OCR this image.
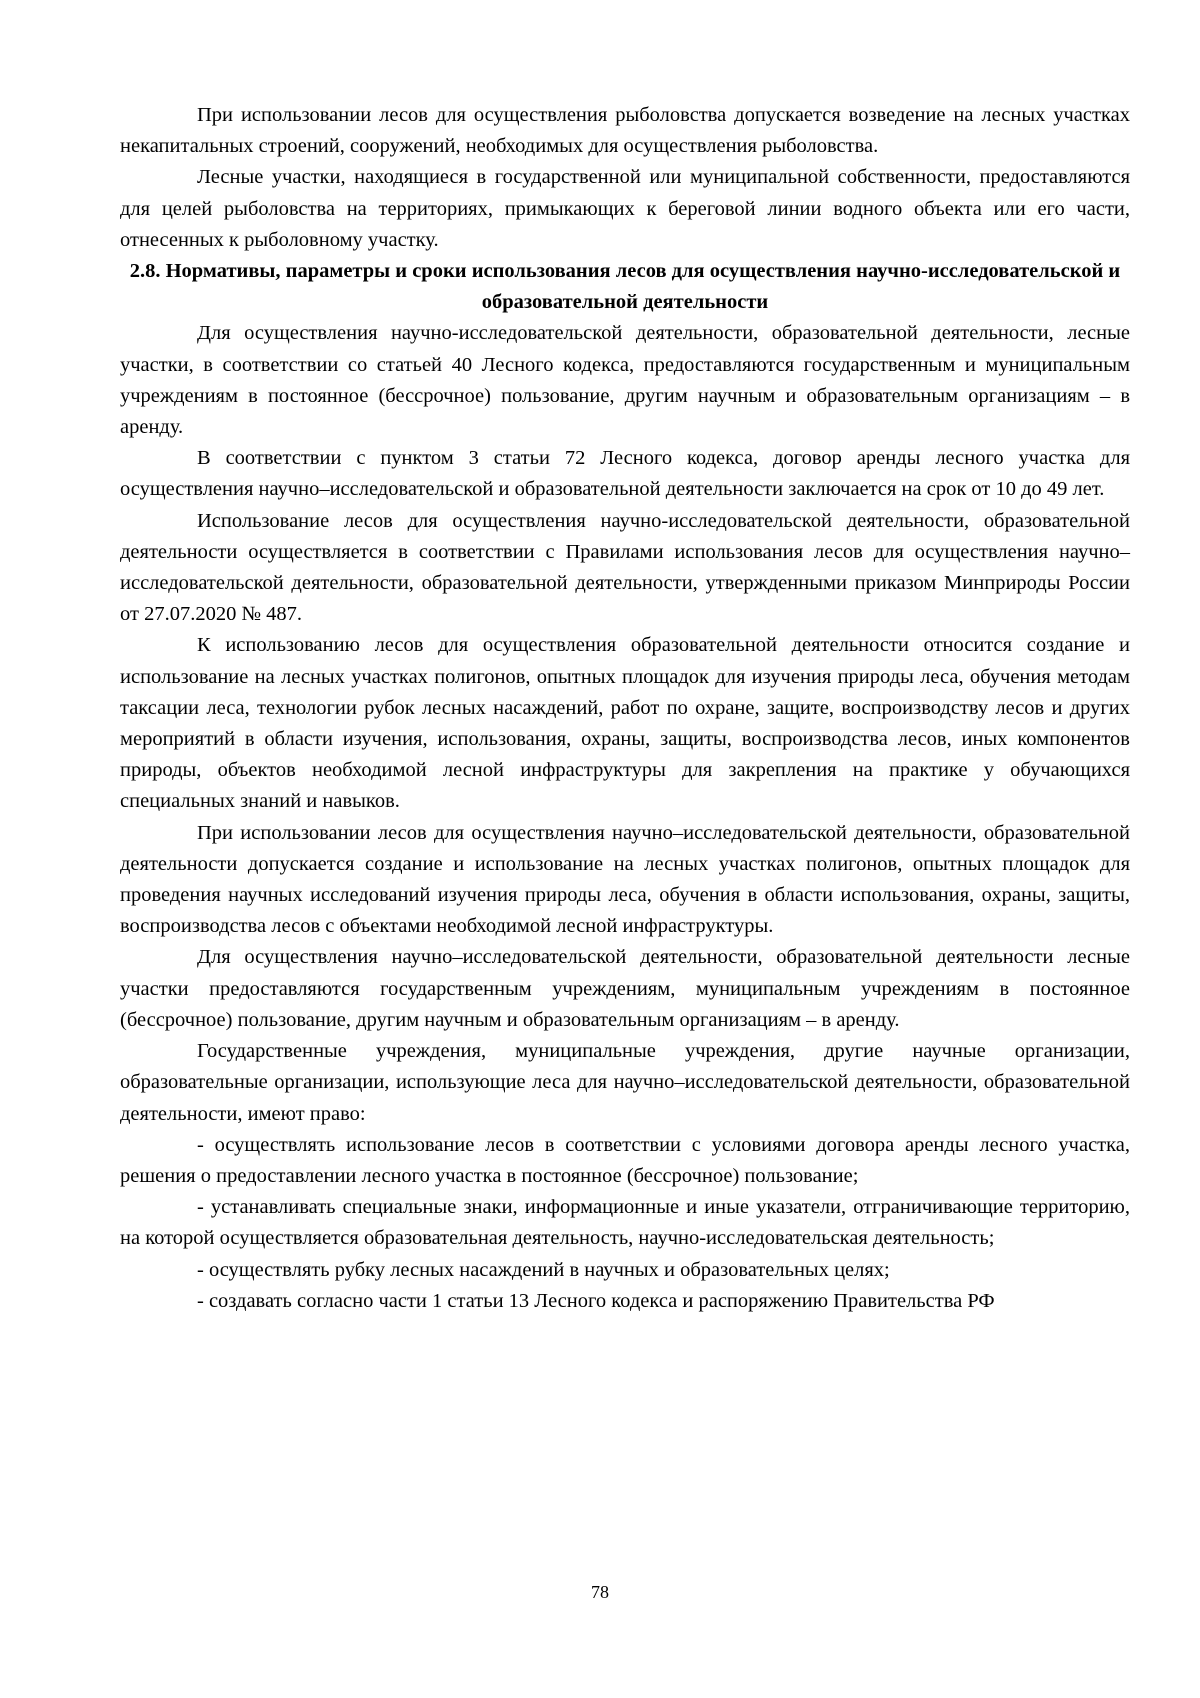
При использовании лесов для осуществления рыболовства допускается возведение на лесных участках некапитальных строений, сооружений, необходимых для осуществления рыболовства.

Лесные участки, находящиеся в государственной или муниципальной собственности, предоставляются для целей рыболовства на территориях, примыкающих к береговой линии водного объекта или его части, отнесенных к рыболовному участку.

2.8. Нормативы, параметры и сроки использования лесов для осуществления научно-исследовательской и образовательной деятельности

Для осуществления научно-исследовательской деятельности, образовательной деятельности, лесные участки, в соответствии со статьей 40 Лесного кодекса, предоставляются государственным и муниципальным учреждениям в постоянное (бессрочное) пользование, другим научным и образовательным организациям – в аренду.

В соответствии с пунктом 3 статьи 72 Лесного кодекса, договор аренды лесного участка для осуществления научно–исследовательской и образовательной деятельности заключается на срок от 10 до 49 лет.

Использование лесов для осуществления научно-исследовательской деятельности, образовательной деятельности осуществляется в соответствии с Правилами использования лесов для осуществления научно–исследовательской деятельности, образовательной деятельности, утвержденными приказом Минприроды России от 27.07.2020 № 487.

К использованию лесов для осуществления образовательной деятельности относится создание и использование на лесных участках полигонов, опытных площадок для изучения природы леса, обучения методам таксации леса, технологии рубок лесных насаждений, работ по охране, защите, воспроизводству лесов и других мероприятий в области изучения, использования, охраны, защиты, воспроизводства лесов, иных компонентов природы, объектов необходимой лесной инфраструктуры для закрепления на практике у обучающихся специальных знаний и навыков.

При использовании лесов для осуществления научно–исследовательской деятельности, образовательной деятельности допускается создание и использование на лесных участках полигонов, опытных площадок для проведения научных исследований изучения природы леса, обучения в области использования, охраны, защиты, воспроизводства лесов с объектами необходимой лесной инфраструктуры.

Для осуществления научно–исследовательской деятельности, образовательной деятельности лесные участки предоставляются государственным учреждениям, муниципальным учреждениям в постоянное (бессрочное) пользование, другим научным и образовательным организациям – в аренду.

Государственные учреждения, муниципальные учреждения, другие научные организации, образовательные организации, использующие леса для научно–исследовательской деятельности, образовательной деятельности, имеют право:

- осуществлять использование лесов в соответствии с условиями договора аренды лесного участка, решения о предоставлении лесного участка в постоянное (бессрочное) пользование;

- устанавливать специальные знаки, информационные и иные указатели, отграничивающие территорию, на которой осуществляется образовательная деятельность, научно-исследовательская деятельность;

- осуществлять рубку лесных насаждений в научных и образовательных целях;

- создавать согласно части 1 статьи 13 Лесного кодекса и распоряжению Правительства РФ

78
